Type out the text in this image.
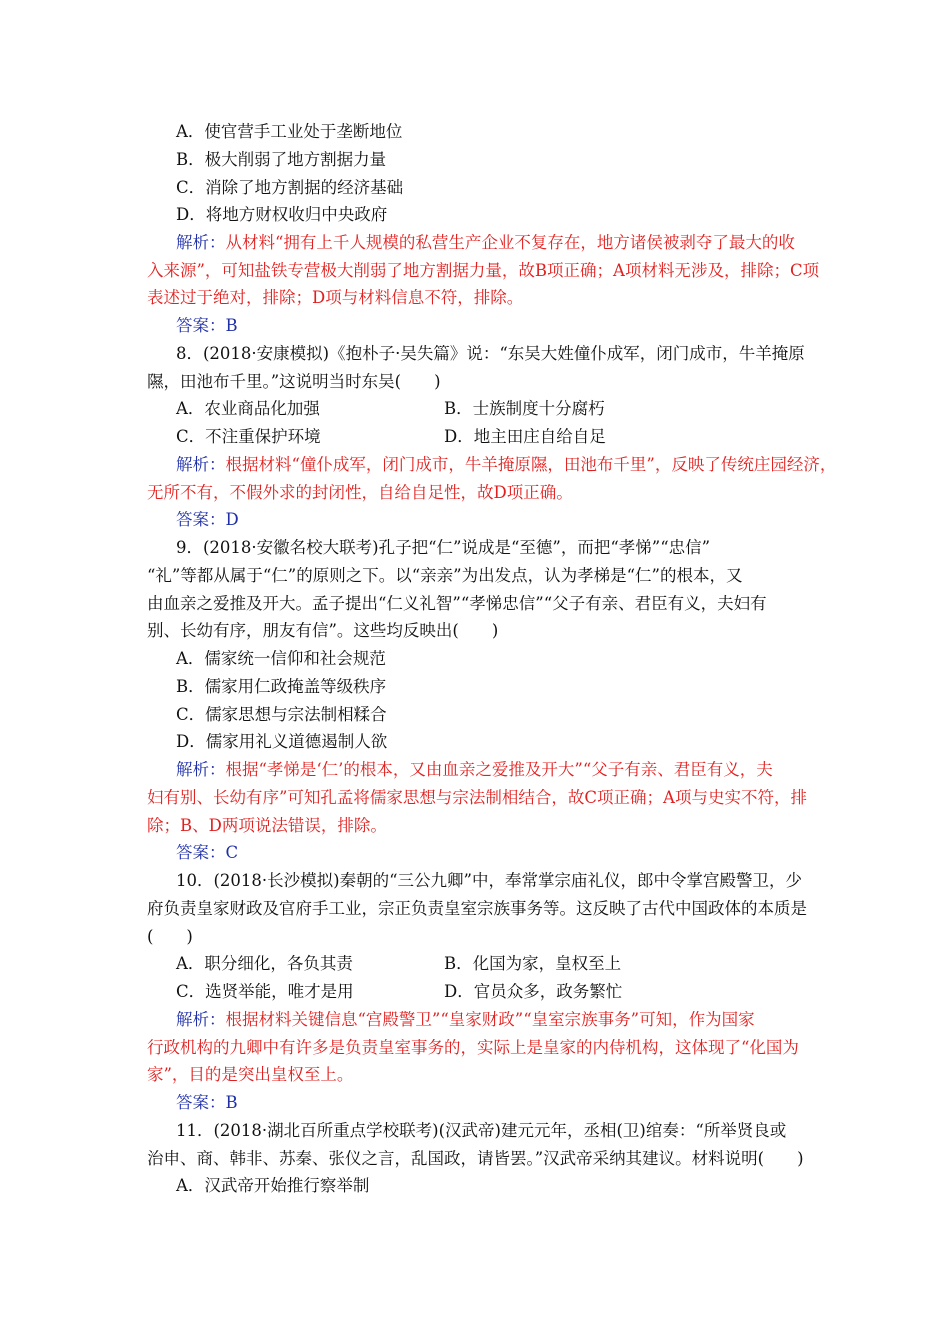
A．使官营手工业处于垄断地位
B．极大削弱了地方割据力量
C．消除了地方割据的经济基础
D．将地方财权收归中央政府
解析：从材料“拥有上千人规模的私营生产企业不复存在，地方诸侯被剥夺了最大的收
入来源”，可知盐铁专营极大削弱了地方割据力量，故B项正确；A项材料无涉及，排除；C项
表述过于绝对，排除；D项与材料信息不符，排除。
答案：B
8．(2018·安康模拟)《抱朴子·吴失篇》说：“东吴大姓僮仆成军，闭门成市，牛羊掩原
隰，田池布千里。”这说明当时东吴(　　)
A．农业商品化加强	B．士族制度十分腐朽
C．不注重保护环境	D．地主田庄自给自足
解析：根据材料“僮仆成军，闭门成市，牛羊掩原隰，田池布千里”，反映了传统庄园经济，
无所不有，不假外求的封闭性，自给自足性，故D项正确。
答案：D
9．(2018·安徽名校大联考)孔子把“仁”说成是“至德”，而把“孝悌”“忠信”
“礼”等都从属于“仁”的原则之下。以“亲亲”为出发点，认为孝梯是“仁”的根本，又
由血亲之爱推及开大。孟子提出“仁义礼智”“孝悌忠信”“父子有亲、君臣有义，夫妇有
别、长幼有序，朋友有信”。这些均反映出(　　)
A．儒家统一信仰和社会规范
B．儒家用仁政掩盖等级秩序
C．儒家思想与宗法制相糅合
D．儒家用礼义道德遏制人欲
解析：根据“孝悌是‘仁’的根本，又由血亲之爱推及开大”“父子有亲、君臣有义，夫
妇有别、长幼有序”可知孔孟将儒家思想与宗法制相结合，故C项正确；A项与史实不符，排
除；B、D两项说法错误，排除。
答案：C
10．(2018·长沙模拟)秦朝的“三公九卿”中，奉常掌宗庙礼仪，郎中令掌宫殿警卫，少
府负责皇家财政及官府手工业，宗正负责皇室宗族事务等。这反映了古代中国政体的本质是
(　　)
A．职分细化，各负其责	B．化国为家，皇权至上
C．选贤举能，唯才是用	D．官员众多，政务繁忙
解析：根据材料关键信息“宫殿警卫”“皇家财政”“皇室宗族事务”可知，作为国家
行政机构的九卿中有许多是负责皇室事务的，实际上是皇家的内侍机构，这体现了“化国为
家”，目的是突出皇权至上。
答案：B
11．(2018·湖北百所重点学校联考)(汉武帝)建元元年，丞相(卫)绾奏：“所举贤良或
治申、商、韩非、苏秦、张仪之言，乱国政，请皆罢。”汉武帝采纳其建议。材料说明(　　)
A．汉武帝开始推行察举制
